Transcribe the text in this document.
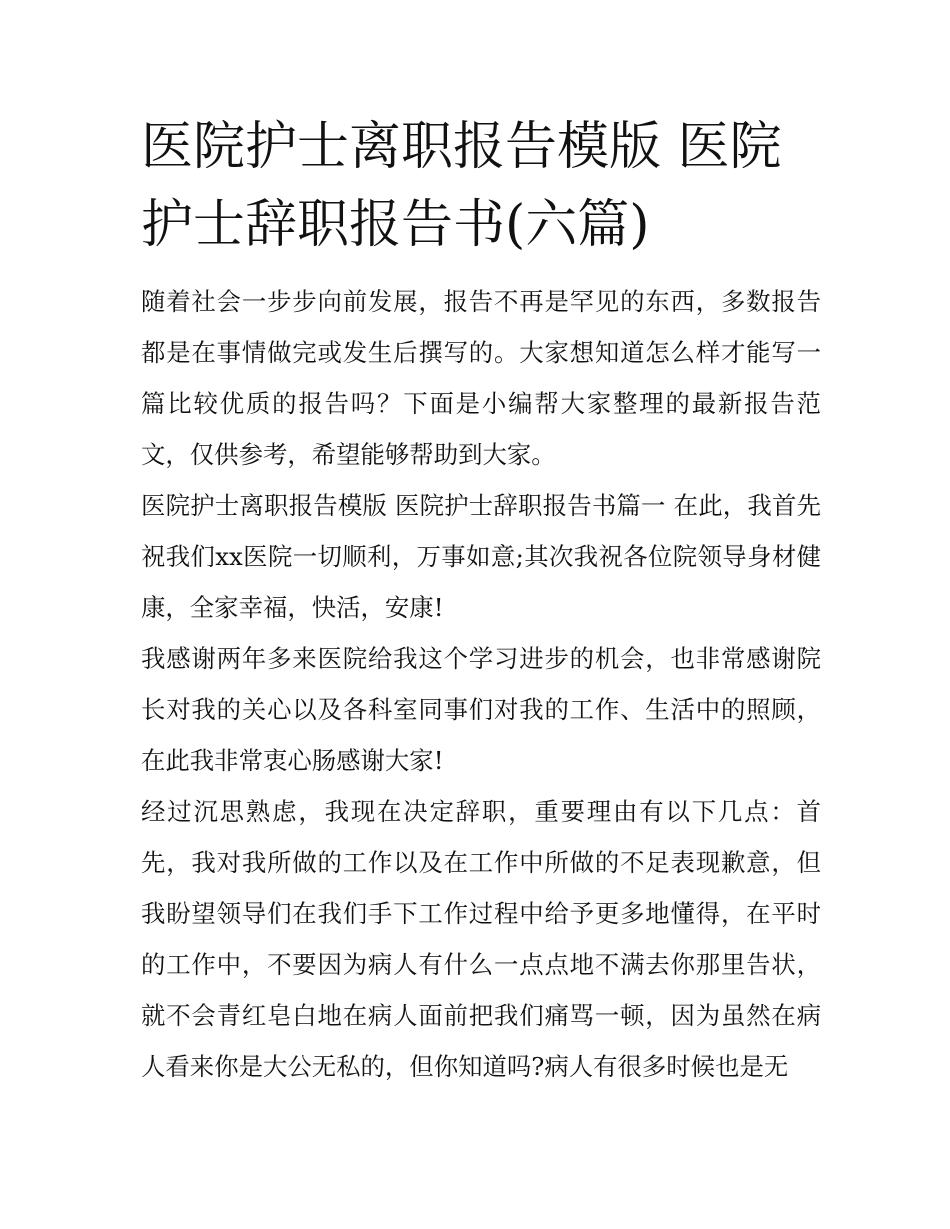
医院护士离职报告模版 医院护士辞职报告书(六篇)

随着社会一步步向前发展，报告不再是罕见的东西，多数报告都是在事情做完或发生后撰写的。大家想知道怎么样才能写一篇比较优质的报告吗？下面是小编帮大家整理的最新报告范文，仅供参考，希望能够帮助到大家。

医院护士离职报告模版 医院护士辞职报告书篇一 在此，我首先祝我们xx医院一切顺利，万事如意;其次我祝各位院领导身材健康，全家幸福，快活，安康!

我感谢两年多来医院给我这个学习进步的机会，也非常感谢院长对我的关心以及各科室同事们对我的工作、生活中的照顾，在此我非常衷心肠感谢大家!

经过沉思熟虑，我现在决定辞职，重要理由有以下几点：首先，我对我所做的工作以及在工作中所做的不足表现歉意，但我盼望领导们在我们手下工作过程中给予更多地懂得，在平时的工作中，不要因为病人有什么一点点地不满去你那里告状，就不会青红皂白地在病人面前把我们痛骂一顿，因为虽然在病人看来你是大公无私的，但你知道吗?病人有很多时候也是无
